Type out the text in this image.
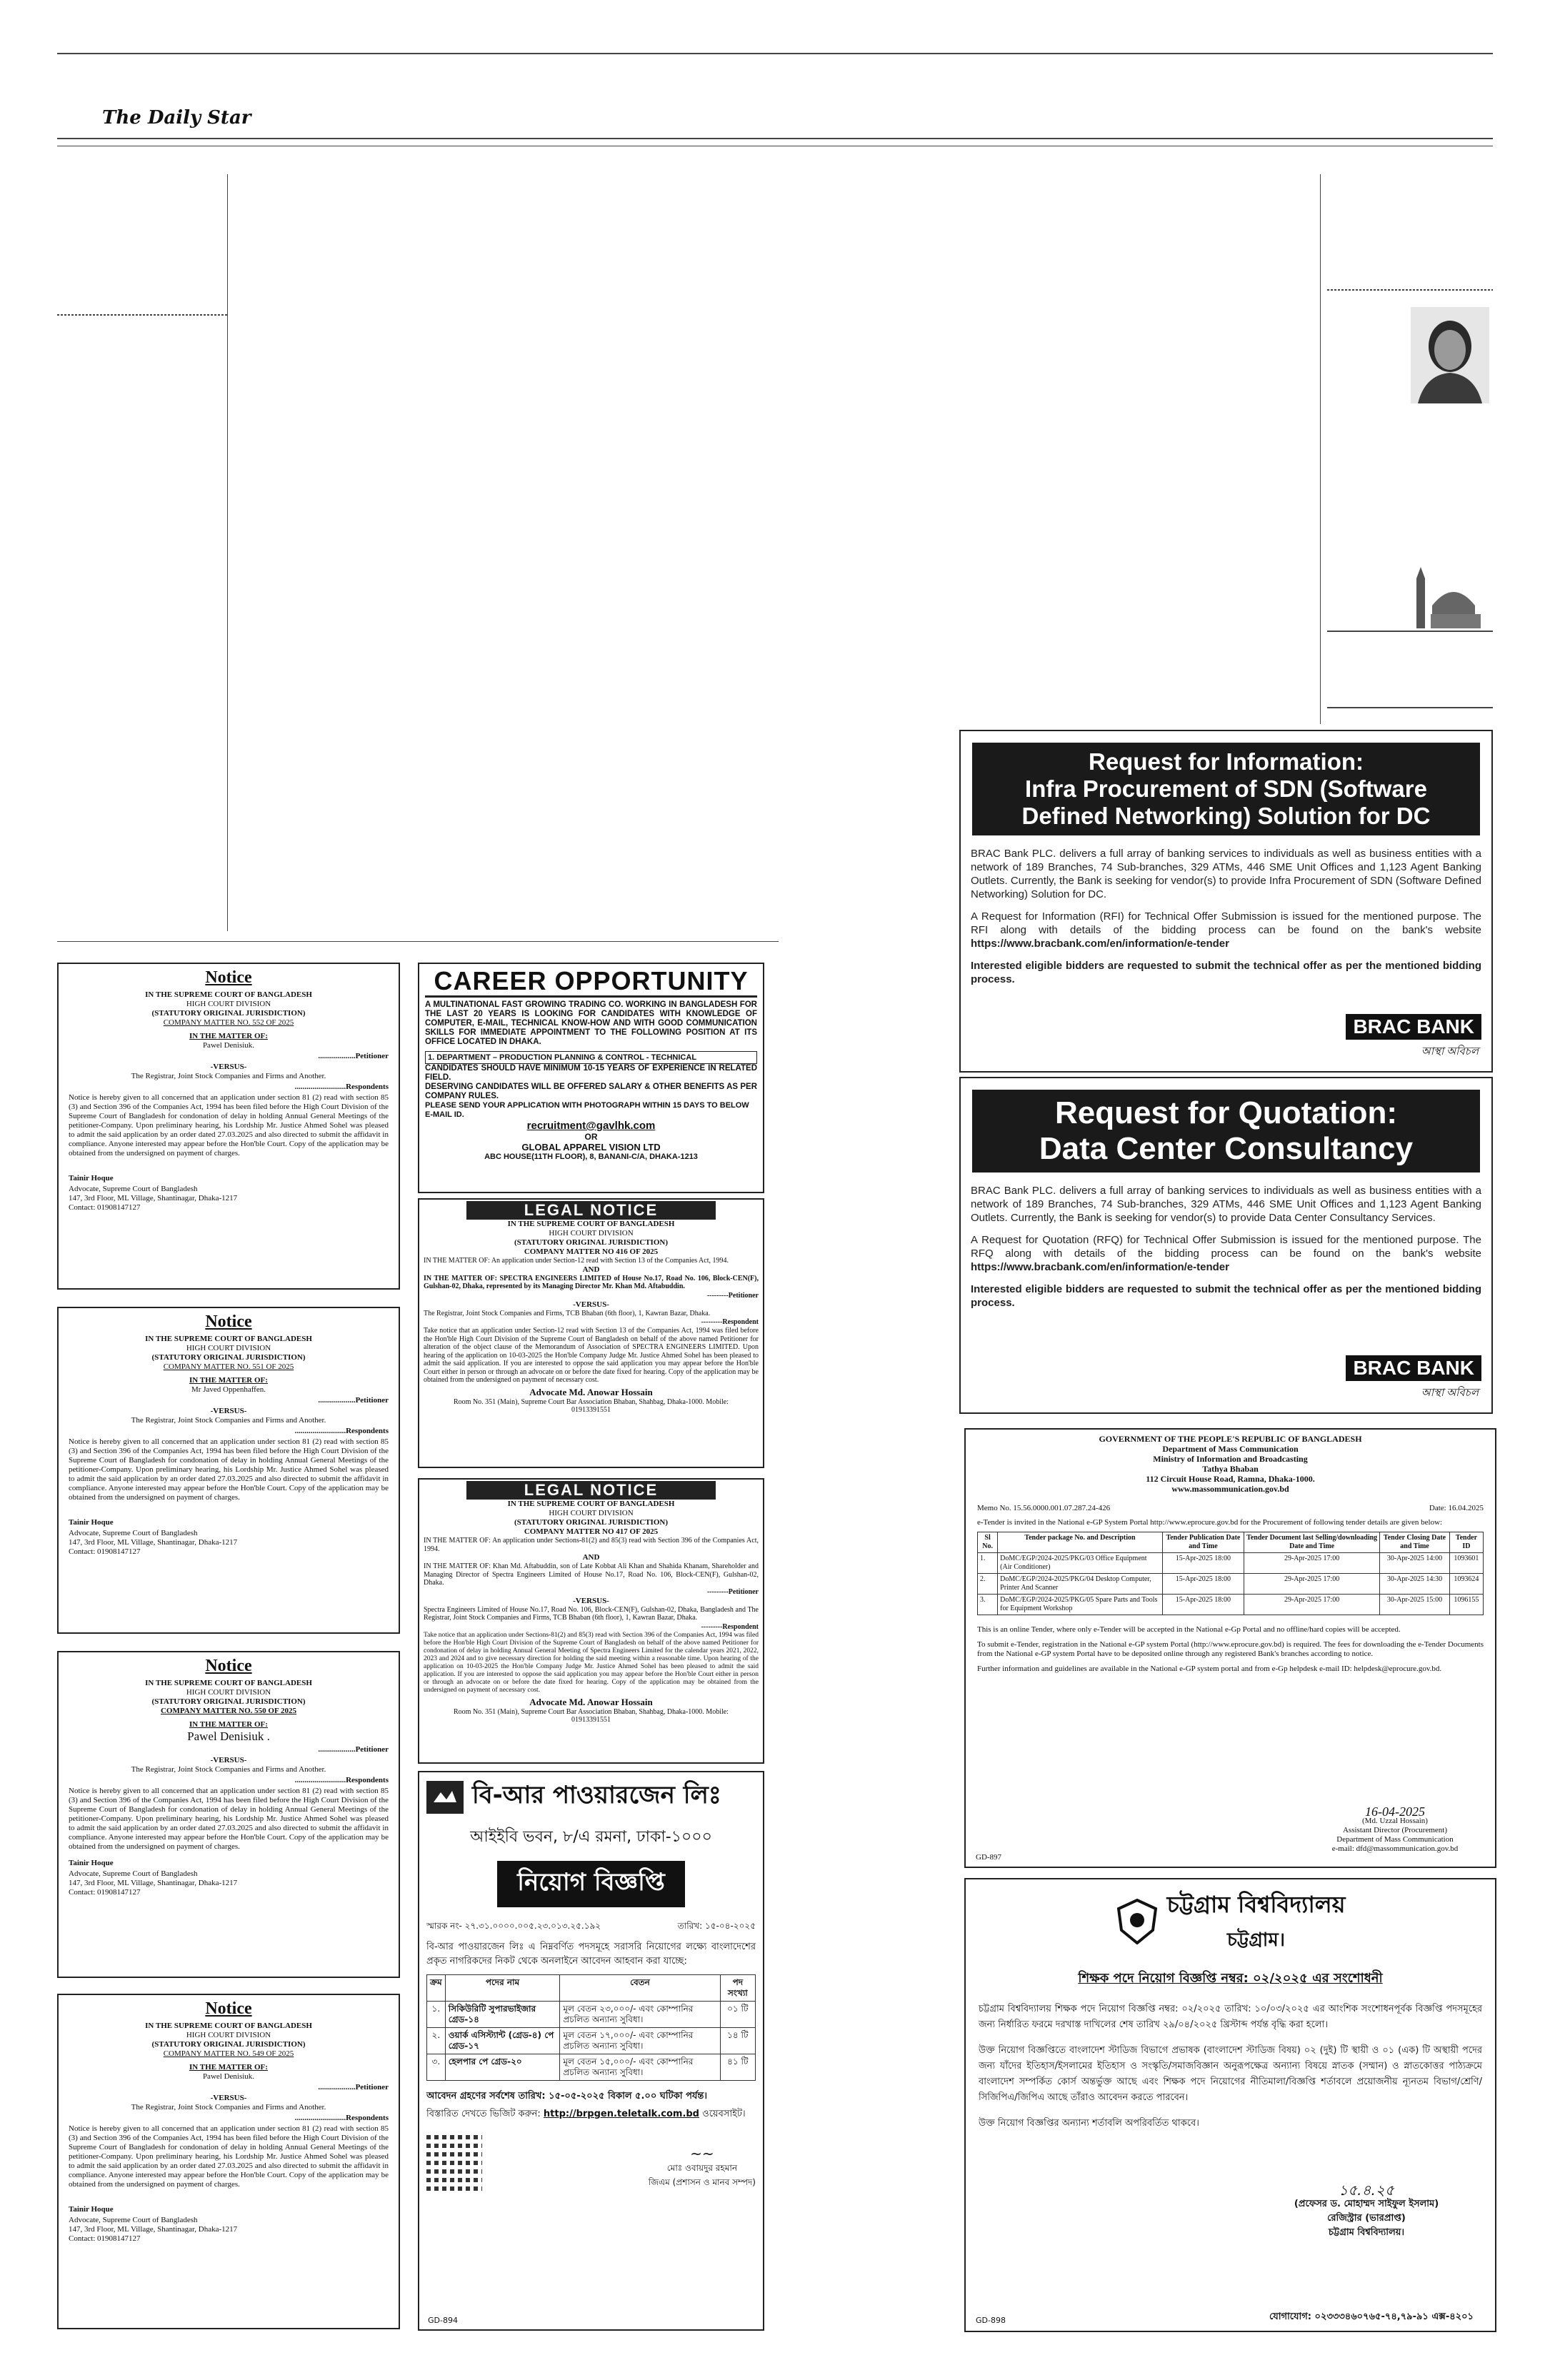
The Daily Star
Notice

IN THE SUPREME COURT OF BANGLADESH

HIGH COURT DIVISION

(STATUTORY ORIGINAL JURISDICTION)

COMPANY MATTER NO. 552 OF 2025

IN THE MATTER OF:

Pawel Denisiuk.

...................Petitioner

-VERSUS-

The Registrar, Joint Stock Companies and Firms and Another.

..........................Respondents

Notice is hereby given to all concerned that an application under section 81 (2) read with section 85 (3) and Section 396 of the Companies Act, 1994 has been filed before the High Court Division of the Supreme Court of Bangladesh for condonation of delay in holding Annual General Meetings of the petitioner-Company. Upon preliminary hearing, his Lordship Mr. Justice Ahmed Sohel was pleased to admit the said application by an order dated 27.03.2025 and also directed to submit the affidavit in compliance. Anyone interested may appear before the Hon'ble Court. Copy of the application may be obtained from the undersigned on payment of charges.

Tainir Hoque

Advocate, Supreme Court of Bangladesh

147, 3rd Floor, ML Village, Shantinagar, Dhaka-1217

Contact: 01908147127

Notice

IN THE SUPREME COURT OF BANGLADESH

HIGH COURT DIVISION

(STATUTORY ORIGINAL JURISDICTION)

COMPANY MATTER NO. 551 OF 2025

IN THE MATTER OF:

Mr Javed Oppenhaffen.

...................Petitioner

-VERSUS-

The Registrar, Joint Stock Companies and Firms and Another.

..........................Respondents

Notice is hereby given to all concerned that an application under section 81 (2) read with section 85 (3) and Section 396 of the Companies Act, 1994 has been filed before the High Court Division of the Supreme Court of Bangladesh for condonation of delay in holding Annual General Meetings of the petitioner-Company. Upon preliminary hearing, his Lordship Mr. Justice Ahmed Sohel was pleased to admit the said application by an order dated 27.03.2025 and also directed to submit the affidavit in compliance. Anyone interested may appear before the Hon'ble Court. Copy of the application may be obtained from the undersigned on payment of charges.

Tainir Hoque

Advocate, Supreme Court of Bangladesh

147, 3rd Floor, ML Village, Shantinagar, Dhaka-1217

Contact: 01908147127

Notice

IN THE SUPREME COURT OF BANGLADESH

HIGH COURT DIVISION

(STATUTORY ORIGINAL JURISDICTION)

COMPANY MATTER NO. 550 OF 2025

IN THE MATTER OF:

Pawel Denisiuk .

...................Petitioner

-VERSUS-

The Registrar, Joint Stock Companies and Firms and Another.

..........................Respondents

Notice is hereby given to all concerned that an application under section 81 (2) read with section 85 (3) and Section 396 of the Companies Act, 1994 has been filed before the High Court Division of the Supreme Court of Bangladesh for condonation of delay in holding Annual General Meetings of the petitioner-Company. Upon preliminary hearing, his Lordship Mr. Justice Ahmed Sohel was pleased to admit the said application by an order dated 27.03.2025 and also directed to submit the affidavit in compliance. Anyone interested may appear before the Hon'ble Court. Copy of the application may be obtained from the undersigned on payment of charges.

Tainir Hoque

Advocate, Supreme Court of Bangladesh

147, 3rd Floor, ML Village, Shantinagar, Dhaka-1217

Contact: 01908147127

Notice

IN THE SUPREME COURT OF BANGLADESH

HIGH COURT DIVISION

(STATUTORY ORIGINAL JURISDICTION)

COMPANY MATTER NO. 549 OF 2025

IN THE MATTER OF:

Pawel Denisiuk.

...................Petitioner

-VERSUS-

The Registrar, Joint Stock Companies and Firms and Another.

..........................Respondents

Notice is hereby given to all concerned that an application under section 81 (2) read with section 85 (3) and Section 396 of the Companies Act, 1994 has been filed before the High Court Division of the Supreme Court of Bangladesh for condonation of delay in holding Annual General Meetings of the petitioner-Company. Upon preliminary hearing, his Lordship Mr. Justice Ahmed Sohel was pleased to admit the said application by an order dated 27.03.2025 and also directed to submit the affidavit in compliance. Anyone interested may appear before the Hon'ble Court. Copy of the application may be obtained from the undersigned on payment of charges.

Tainir Hoque

Advocate, Supreme Court of Bangladesh

147, 3rd Floor, ML Village, Shantinagar, Dhaka-1217

Contact: 01908147127

CAREER OPPORTUNITY
A MULTINATIONAL FAST GROWING TRADING CO. WORKING IN BANGLADESH FOR THE LAST 20 YEARS IS LOOKING FOR CANDIDATES WITH KNOWLEDGE OF COMPUTER, E-MAIL, TECHNICAL KNOW-HOW AND WITH GOOD COMMUNICATION SKILLS FOR IMMEDIATE APPOINTMENT TO THE FOLLOWING POSITION AT ITS OFFICE LOCATED IN DHAKA.
1. DEPARTMENT – PRODUCTION PLANNING & CONTROL - TECHNICAL
CANDIDATES SHOULD HAVE MINIMUM 10-15 YEARS OF EXPERIENCE IN RELATED FIELD.
DESERVING CANDIDATES WILL BE OFFERED SALARY & OTHER BENEFITS AS PER COMPANY RULES.
PLEASE SEND YOUR APPLICATION WITH PHOTOGRAPH WITHIN 15 DAYS TO BELOW E-MAIL ID.
recruitment@gavlhk.com
OR
GLOBAL APPAREL VISION LTD
ABC HOUSE(11TH FLOOR), 8, BANANI-C/A, DHAKA-1213
LEGAL NOTICE
IN THE SUPREME COURT OF BANGLADESH
HIGH COURT DIVISION
(STATUTORY ORIGINAL JURISDICTION)
COMPANY MATTER NO 416 OF 2025
IN THE MATTER OF: An application under Section-12 read with Section 13 of the Companies Act, 1994.
AND
IN THE MATTER OF: SPECTRA ENGINEERS LIMITED of House No.17, Road No. 106, Block-CEN(F), Gulshan-02, Dhaka, represented by its Managing Director Mr. Khan Md. Aftabuddin.
---------Petitioner
-VERSUS-
The Registrar, Joint Stock Companies and Firms, TCB Bhaban (6th floor), 1, Kawran Bazar, Dhaka.
---------Respondent
Take notice that an application under Section-12 read with Section 13 of the Companies Act, 1994 was filed before the Hon'ble High Court Division of the Supreme Court of Bangladesh on behalf of the above named Petitioner for alteration of the object clause of the Memorandum of Association of SPECTRA ENGINEERS LIMITED. Upon hearing of the application on 10-03-2025 the Hon'ble Company Judge Mr. Justice Ahmed Sohel has been pleased to admit the said application. If you are interested to oppose the said application you may appear before the Hon'ble Court either in person or through an advocate on or before the date fixed for hearing. Copy of the application may be obtained from the undersigned on payment of necessary cost.
Advocate Md. Anowar Hossain
Room No. 351 (Main), Supreme Court Bar Association Bhaban, Shahbag, Dhaka-1000. Mobile: 01913391551
LEGAL NOTICE
IN THE SUPREME COURT OF BANGLADESH
HIGH COURT DIVISION
(STATUTORY ORIGINAL JURISDICTION)
COMPANY MATTER NO 417 OF 2025
IN THE MATTER OF: An application under Sections-81(2) and 85(3) read with Section 396 of the Companies Act, 1994.
AND
IN THE MATTER OF: Khan Md. Aftabuddin, son of Late Kobbat Ali Khan and Shahida Khanam, Shareholder and Managing Director of Spectra Engineers Limited of House No.17, Road No. 106, Block-CEN(F), Gulshan-02, Dhaka.
---------Petitioner
-VERSUS-
Spectra Engineers Limited of House No.17, Road No. 106, Block-CEN(F), Gulshan-02, Dhaka, Bangladesh and The Registrar, Joint Stock Companies and Firms, TCB Bhaban (6th floor), 1, Kawran Bazar, Dhaka.
---------Respondent
Take notice that an application under Sections-81(2) and 85(3) read with Section 396 of the Companies Act, 1994 was filed before the Hon'ble High Court Division of the Supreme Court of Bangladesh on behalf of the above named Petitioner for condonation of delay in holding Annual General Meeting of Spectra Engineers Limited for the calendar years 2021, 2022, 2023 and 2024 and to give necessary direction for holding the said meeting within a reasonable time. Upon hearing of the application on 10-03-2025 the Hon'ble Company Judge Mr. Justice Ahmed Sohel has been pleased to admit the said application. If you are interested to oppose the said application you may appear before the Hon'ble Court either in person or through an advocate on or before the date fixed for hearing. Copy of the application may be obtained from the undersigned on payment of necessary cost.
Advocate Md. Anowar Hossain
Room No. 351 (Main), Supreme Court Bar Association Bhaban, Shahbag, Dhaka-1000. Mobile: 01913391551
বি-আর পাওয়ারজেন লিঃ
আইইবি ভবন, ৮/এ রমনা, ঢাকা-১০০০
নিয়োগ বিজ্ঞপ্তি
স্মারক নং- ২৭.৩১.০০০০.০০৫.২৩.০১৩.২৫.১৯২	তারিখ: ১৫-০৪-২০২৫
বি-আর পাওয়ারজেন লিঃ এ নিম্নবর্ণিত পদসমূহে সরাসরি নিয়োগের লক্ষ্যে বাংলাদেশের প্রকৃত নাগরিকদের নিকট থেকে অনলাইনে আবেদন আহবান করা যাচ্ছে:
ক্রম	পদের নাম	বেতন	পদ সংখ্যা
১.	সিকিউরিটি সুপারভাইজার গ্রেড-১৪	মূল বেতন ২৩,০০০/- এবং কোম্পানির প্রচলিত অন্যান্য সুবিধা।	০১ টি
২.	ওয়ার্ক এসিস্ট্যান্ট (গ্রেড-৪) পে গ্রেড-১৭	মূল বেতন ১৭,০০০/- এবং কোম্পানির প্রচলিত অন্যান্য সুবিধা।	১৪ টি
৩.	হেলপার পে গ্রেড-২০	মূল বেতন ১৫,০০০/- এবং কোম্পানির প্রচলিত অন্যান্য সুবিধা।	৪১ টি
আবেদন গ্রহণের সর্বশেষ তারিখ: ১৫-০৫-২০২৫ বিকাল ৫.০০ ঘটিকা পর্যন্ত।
বিস্তারিত দেখতে ভিজিট করুন: http://brpgen.teletalk.com.bd ওয়েবসাইট।
~~
মোঃ ওবায়দুর রহমান
জিএম (প্রশাসন ও মানব সম্পদ)
GD-894
Request for Information:
Infra Procurement of SDN (Software Defined Networking) Solution for DC

BRAC Bank PLC. delivers a full array of banking services to individuals as well as business entities with a network of 189 Branches, 74 Sub-branches, 329 ATMs, 446 SME Unit Offices and 1,123 Agent Banking Outlets. Currently, the Bank is seeking for vendor(s) to provide Infra Procurement of SDN (Software Defined Networking) Solution for DC.

A Request for Information (RFI) for Technical Offer Submission is issued for the mentioned purpose. The RFI along with details of the bidding process can be found on the bank's website https://www.bracbank.com/en/information/e-tender

Interested eligible bidders are requested to submit the technical offer as per the mentioned bidding process.

BRAC BANK
আস্থা অবিচল
Request for Quotation:
Data Center Consultancy

BRAC Bank PLC. delivers a full array of banking services to individuals as well as business entities with a network of 189 Branches, 74 Sub-branches, 329 ATMs, 446 SME Unit Offices and 1,123 Agent Banking Outlets. Currently, the Bank is seeking for vendor(s) to provide Data Center Consultancy Services.

A Request for Quotation (RFQ) for Technical Offer Submission is issued for the mentioned purpose. The RFQ along with details of the bidding process can be found on the bank's website https://www.bracbank.com/en/information/e-tender

Interested eligible bidders are requested to submit the technical offer as per the mentioned bidding process.

BRAC BANK
আস্থা অবিচল
GOVERNMENT OF THE PEOPLE'S REPUBLIC OF BANGLADESH
Department of Mass Communication
Ministry of Information and Broadcasting
Tathya Bhaban
112 Circuit House Road, Ramna, Dhaka-1000.
www.massommunication.gov.bd
Memo No. 15.56.0000.001.07.287.24-426	Date: 16.04.2025
e-Tender is invited in the National e-GP System Portal http://www.eprocure.gov.bd for the Procurement of following tender details are given below:
Sl No.	Tender package No. and Description	Tender Publication Date and Time	Tender Document last Selling/downloading Date and Time	Tender Closing Date and Time	Tender ID
1.	DoMC/EGP/2024-2025/PKG/03 Office Equipment (Air Conditioner)	15-Apr-2025 18:00	29-Apr-2025 17:00	30-Apr-2025 14:00	1093601
2.	DoMC/EGP/2024-2025/PKG/04 Desktop Computer, Printer And Scanner	15-Apr-2025 18:00	29-Apr-2025 17:00	30-Apr-2025 14:30	1093624
3.	DoMC/EGP/2024-2025/PKG/05 Spare Parts and Tools for Equipment Workshop	15-Apr-2025 18:00	29-Apr-2025 17:00	30-Apr-2025 15:00	1096155
This is an online Tender, where only e-Tender will be accepted in the National e-Gp Portal and no offline/hard copies will be accepted.
To submit e-Tender, registration in the National e-GP system Portal (http://www.eprocure.gov.bd) is required. The fees for downloading the e-Tender Documents from the National e-GP system Portal have to be deposited online through any registered Bank's branches according to notice.
Further information and guidelines are available in the National e-GP system portal and from e-Gp helpdesk e-mail ID: helpdesk@eprocure.gov.bd.
16-04-2025
(Md. Uzzal Hossain)
Assistant Director (Procurement)
Department of Mass Communication
e-mail: dfd@massommunication.gov.bd
GD-897
চট্টগ্রাম বিশ্ববিদ্যালয়
চট্টগ্রাম।
শিক্ষক পদে নিয়োগ বিজ্ঞপ্তি নম্বর: ০২/২০২৫ এর সংশোধনী
চট্টগ্রাম বিশ্ববিদ্যালয় শিক্ষক পদে নিয়োগ বিজ্ঞপ্তি নম্বর: ০২/২০২৫ তারিখ: ১০/০৩/২০২৫ এর আংশিক সংশোধনপূর্বক বিজ্ঞপ্তি পদসমূহের জন্য নির্ধারিত ফরমে দরখাস্ত দাখিলের শেষ তারিখ ২৯/০৪/২০২৫ খ্রিস্টাব্দ পর্যন্ত বৃদ্ধি করা হলো।
উক্ত নিয়োগ বিজ্ঞপ্তিতে বাংলাদেশ স্টাডিজ বিভাগে প্রভাষক (বাংলাদেশ স্টাডিজ বিষয়) ০২ (দুই) টি স্থায়ী ও ০১ (এক) টি অস্থায়ী পদের জন্য যাঁদের ইতিহাস/ইসলামের ইতিহাস ও সংস্কৃতি/সমাজবিজ্ঞান অনুরূপক্ষেত্র অন্যান্য বিষয়ে স্নাতক (সম্মান) ও স্নাতকোত্তর পাঠ্যক্রমে বাংলাদেশ সম্পর্কিত কোর্স অন্তর্ভুক্ত আছে এবং শিক্ষক পদে নিয়োগের নীতিমালা/বিজ্ঞপ্তি শর্তাবলে প্রয়োজনীয় ন্যূনতম বিভাগ/শ্রেণি/সিজিপিএ/জিপিএ আছে তাঁরাও আবেদন করতে পারবেন।
উক্ত নিয়োগ বিজ্ঞপ্তির অন্যান্য শর্তাবলি অপরিবর্তিত থাকবে।
১৫.৪.২৫
(প্রফেসর ড. মোহাম্মদ সাইফুল ইসলাম)
রেজিস্ট্রার (ভারপ্রাপ্ত)
চট্টগ্রাম বিশ্ববিদ্যালয়।
যোগাযোগ: ০২৩৩৩৪৬০৭৬৫-৭৪,৭৯-৯১ এক্স-৪২০১
GD-898
